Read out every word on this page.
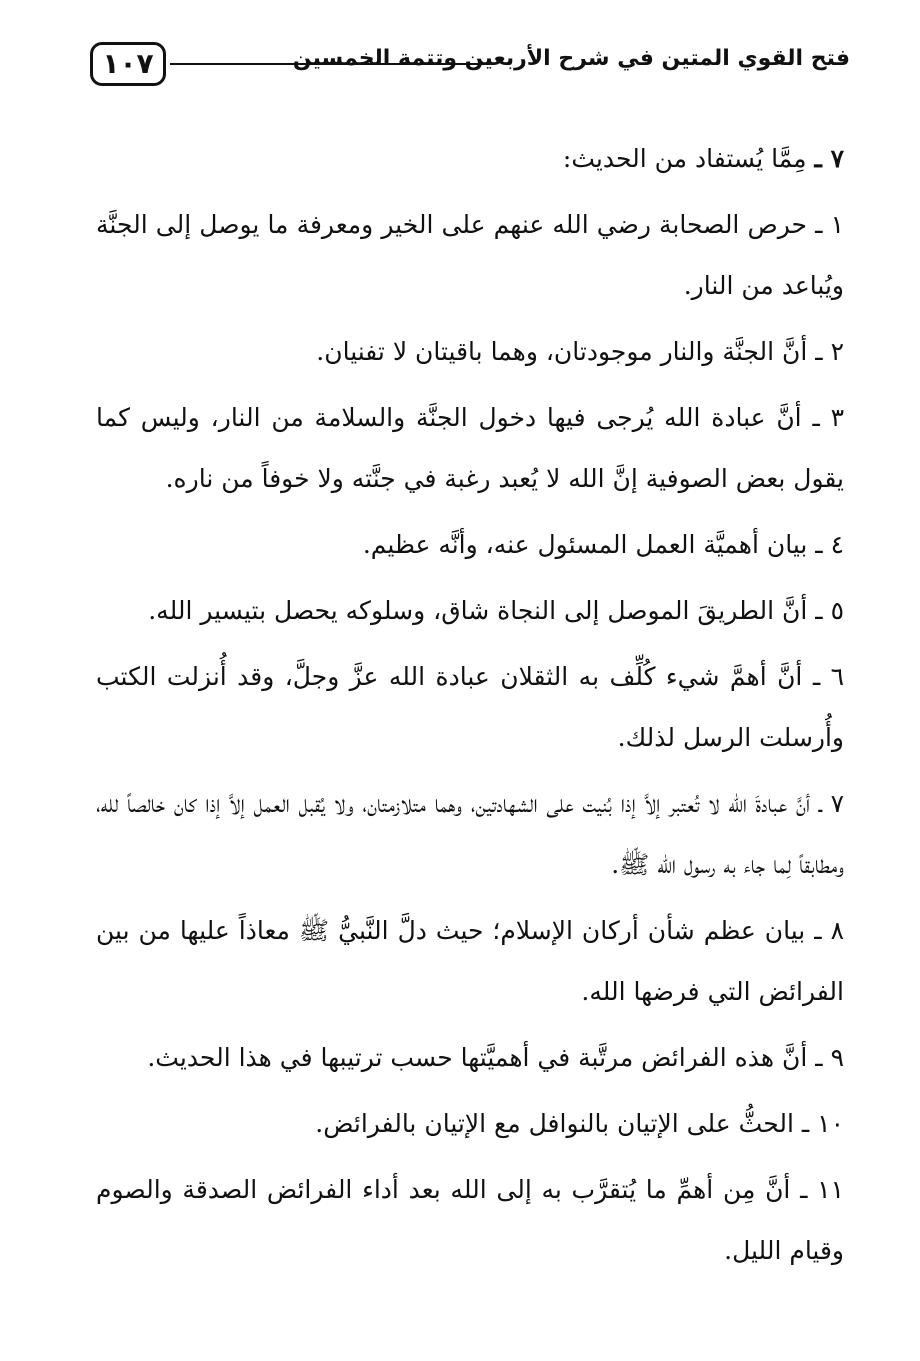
١٠٧	فتح القوي المتين في شرح الأربعين وتتمة الخمسين

٧ ـ مِمَّا يُستفاد من الحديث:

١ ـ حرص الصحابة رضي الله عنهم على الخير ومعرفة ما يوصل إلى الجنَّة ويُباعد من النار.

٢ ـ أنَّ الجنَّة والنار موجودتان، وهما باقيتان لا تفنيان.

٣ ـ أنَّ عبادة الله يُرجى فيها دخول الجنَّة والسلامة من النار، وليس كما يقول بعض الصوفية إنَّ الله لا يُعبد رغبة في جنَّته ولا خوفاً من ناره.

٤ ـ بيان أهميَّة العمل المسئول عنه، وأنَّه عظيم.

٥ ـ أنَّ الطريقَ الموصل إلى النجاة شاق، وسلوكه يحصل بتيسير الله.

٦ ـ أنَّ أهمَّ شيء كُلِّف به الثقلان عبادة الله عزَّ وجلَّ، وقد أُنزلت الكتب وأُرسلت الرسل لذلك.

٧ ـ أنَّ عبادةَ الله لا تُعتبر إلاَّ إذا بُنيت على الشهادتين، وهما متلازمتان، ولا يُقبل العمل إلاَّ إذا كان خالصاً لله، ومطابقاً لِما جاء به رسول الله ﷺ.

٨ ـ بيان عظم شأن أركان الإسلام؛ حيث دلَّ النَّبيُّ ﷺ معاذاً عليها من بين الفرائض التي فرضها الله.

٩ ـ أنَّ هذه الفرائض مرتَّبة في أهميَّتها حسب ترتيبها في هذا الحديث.

١٠ ـ الحثُّ على الإتيان بالنوافل مع الإتيان بالفرائض.

١١ ـ أنَّ مِن أهمِّ ما يُتقرَّب به إلى الله بعد أداء الفرائض الصدقة والصوم وقيام الليل.
